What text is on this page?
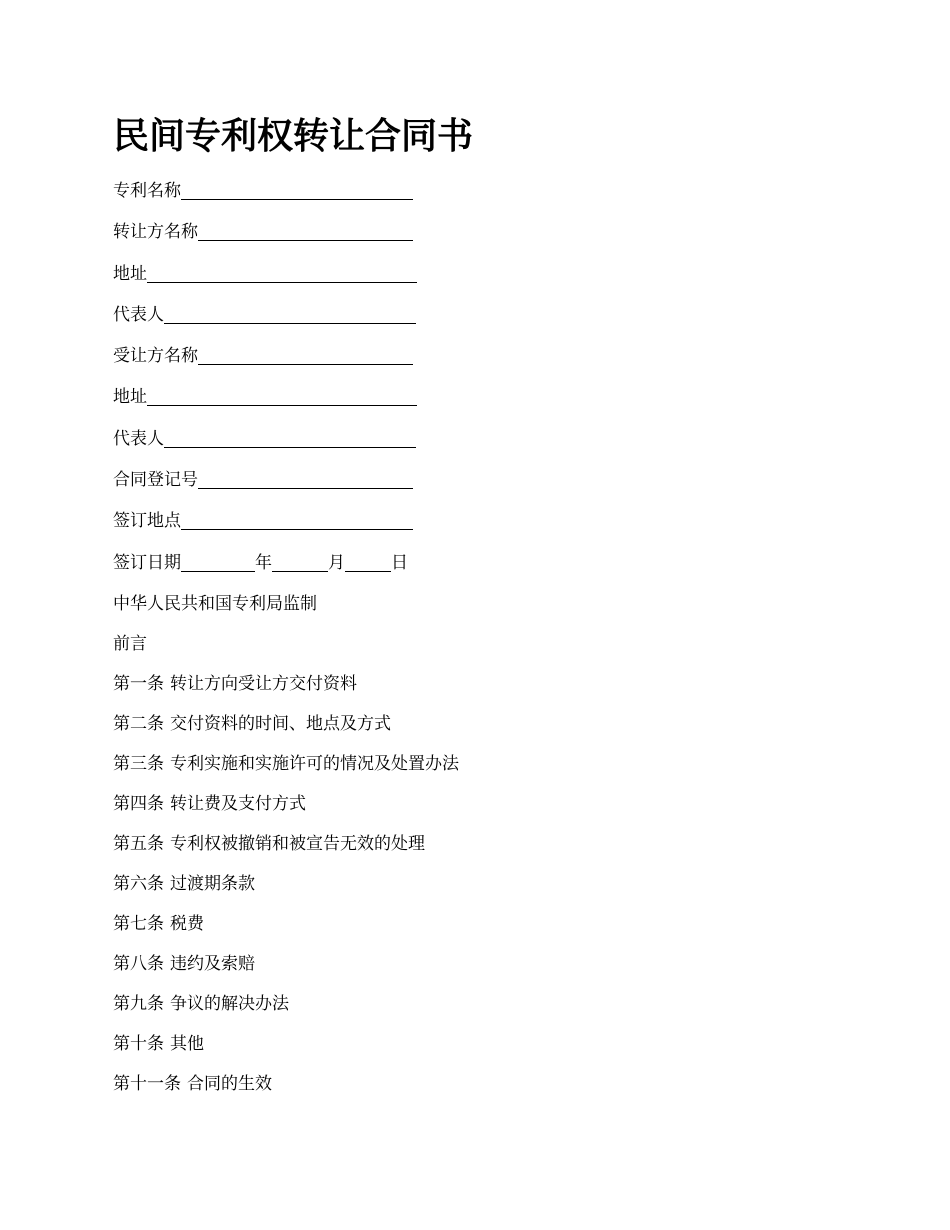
民间专利权转让合同书
专利名称
转让方名称
地址
代表人
受让方名称
地址
代表人
合同登记号
签订地点
签订日期	年	月	日
中华人民共和国专利局监制
前言
第一条 转让方向受让方交付资料
第二条 交付资料的时间、地点及方式
第三条 专利实施和实施许可的情况及处置办法
第四条 转让费及支付方式
第五条 专利权被撤销和被宣告无效的处理
第六条 过渡期条款
第七条 税费
第八条 违约及索赔
第九条 争议的解决办法
第十条 其他
第十一条 合同的生效
